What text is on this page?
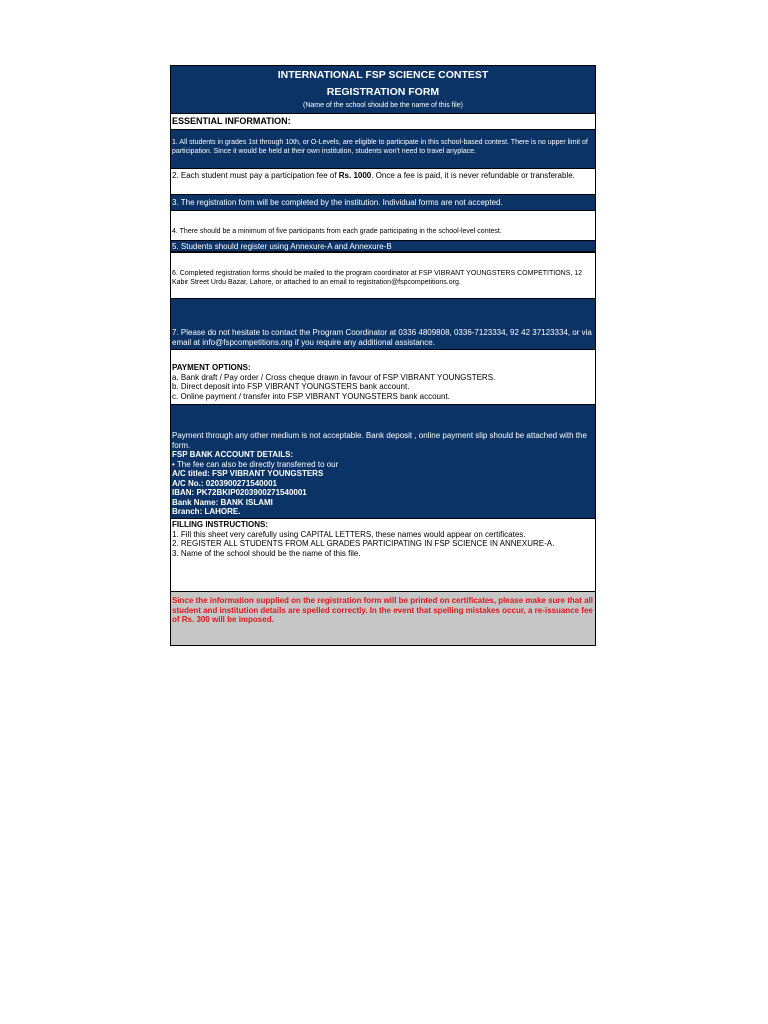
INTERNATIONAL FSP SCIENCE CONTEST
REGISTRATION FORM
(Name of the school should be the name of this file)
ESSENTIAL INFORMATION:
1. All students in grades 1st through 10th, or O-Levels, are eligible to participate in this school-based contest. There is no upper limit of participation. Since it would be held at their own institution, students won't need to travel anyplace.
2. Each student must pay a participation fee of Rs. 1000. Once a fee is paid, it is never refundable or transferable.
3. The registration form will be completed by the institution. Individual forms are not accepted.
4. There should be a minimum of five participants from each grade participating in the school-level contest.
5. Students should register using Annexure-A and Annexure-B
6. Completed registration forms should be mailed to the program coordinator at FSP VIBRANT YOUNGSTERS COMPETITIONS, 12 Kabir Street Urdu Bazar, Lahore, or attached to an email to registration@fspcompetitions.org.
7. Please do not hesitate to contact the Program Coordinator at 0336 4809808, 0336-7123334, 92 42 37123334, or via email at info@fspcompetitions.org if you require any additional assistance.
PAYMENT OPTIONS:
a. Bank draft / Pay order / Cross cheque drawn in favour of FSP VIBRANT YOUNGSTERS.
b. Direct deposit into FSP VIBRANT YOUNGSTERS bank account.
c. Online payment / transfer into FSP VIBRANT YOUNGSTERS bank account.
Payment through any other medium is not acceptable. Bank deposit , online payment slip should be attached with the form.
FSP BANK ACCOUNT DETAILS:
• The fee can also be directly transferred to our
A/C titled: FSP VIBRANT YOUNGSTERS
A/C No.: 0203900271540001
IBAN: PK72BKIP0203900271540001
Bank Name: BANK ISLAMI
Branch: LAHORE.
FILLING INSTRUCTIONS:
1. Fill this sheet very carefully using CAPITAL LETTERS, these names would appear on certificates.
2. REGISTER ALL STUDENTS FROM ALL GRADES PARTICIPATING IN FSP SCIENCE IN ANNEXURE-A.
3. Name of the school should be the name of this file.
Since the information supplied on the registration form will be printed on certificates, please make sure that all student and institution details are spelled correctly. In the event that spelling mistakes occur, a re-issuance fee of Rs. 300 will be imposed.
